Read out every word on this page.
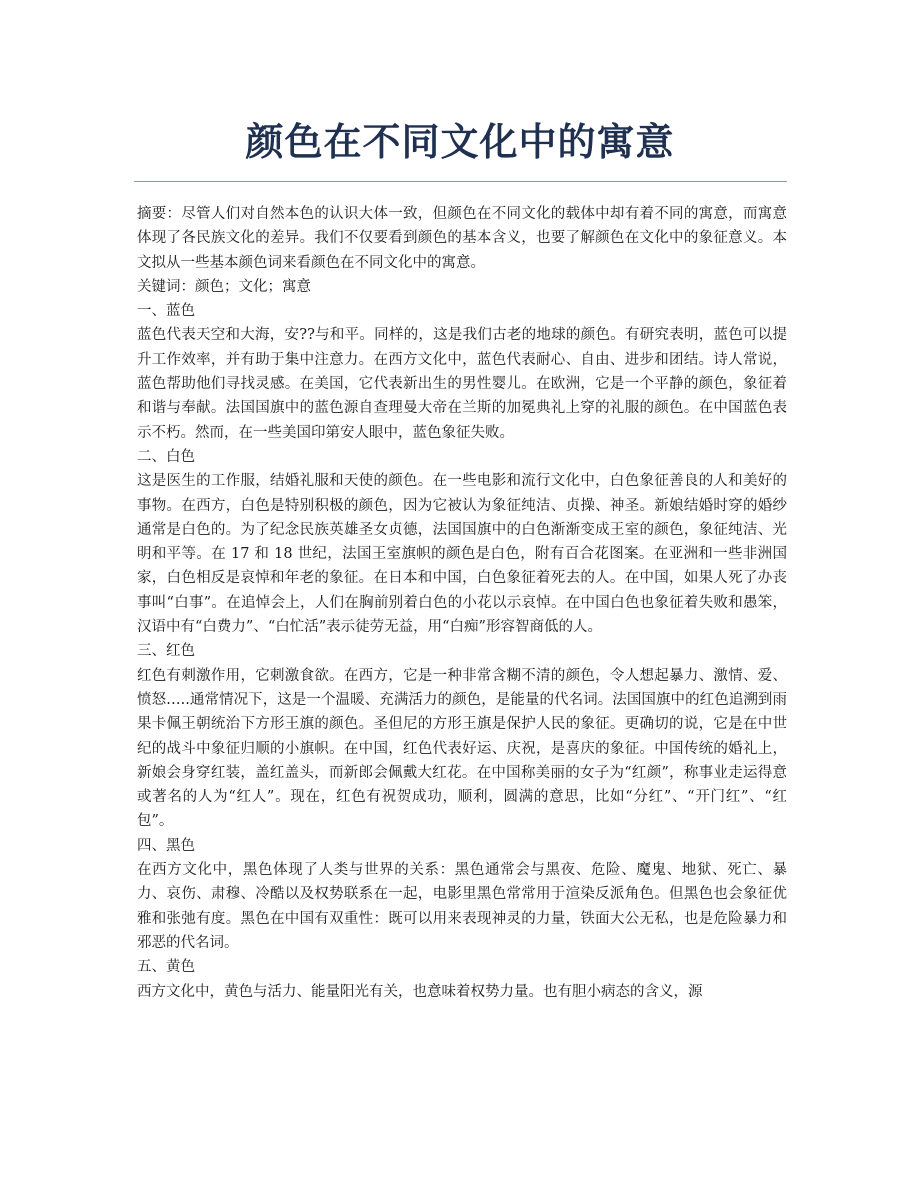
颜色在不同文化中的寓意

摘要：尽管人们对自然本色的认识大体一致，但颜色在不同文化的载体中却有着不同的寓意，而寓意体现了各民族文化的差异。我们不仅要看到颜色的基本含义，也要了解颜色在文化中的象征意义。本文拟从一些基本颜色词来看颜色在不同文化中的寓意。

关键词：颜色；文化；寓意

一、蓝色

蓝色代表天空和大海，安??与和平。同样的，这是我们古老的地球的颜色。有研究表明，蓝色可以提升工作效率，并有助于集中注意力。在西方文化中，蓝色代表耐心、自由、进步和团结。诗人常说，蓝色帮助他们寻找灵感。在美国，它代表新出生的男性婴儿。在欧洲，它是一个平静的颜色，象征着和谐与奉献。法国国旗中的蓝色源自查理曼大帝在兰斯的加冕典礼上穿的礼服的颜色。在中国蓝色表示不朽。然而，在一些美国印第安人眼中，蓝色象征失败。

二、白色

这是医生的工作服，结婚礼服和天使的颜色。在一些电影和流行文化中，白色象征善良的人和美好的事物。在西方，白色是特别积极的颜色，因为它被认为象征纯洁、贞操、神圣。新娘结婚时穿的婚纱通常是白色的。为了纪念民族英雄圣女贞德，法国国旗中的白色渐渐变成王室的颜色，象征纯洁、光明和平等。在 17 和 18 世纪，法国王室旗帜的颜色是白色，附有百合花图案。在亚洲和一些非洲国家，白色相反是哀悼和年老的象征。在日本和中国，白色象征着死去的人。在中国，如果人死了办丧事叫“白事”。在追悼会上，人们在胸前别着白色的小花以示哀悼。在中国白色也象征着失败和愚笨，汉语中有“白费力”、“白忙活”表示徒劳无益，用“白痴”形容智商低的人。

三、红色

红色有刺激作用，它刺激食欲。在西方，它是一种非常含糊不清的颜色，令人想起暴力、激情、爱、愤怒…..通常情况下，这是一个温暖、充满活力的颜色，是能量的代名词。法国国旗中的红色追溯到雨果卡佩王朝统治下方形王旗的颜色。圣但尼的方形王旗是保护人民的象征。更确切的说，它是在中世纪的战斗中象征归顺的小旗帜。在中国，红色代表好运、庆祝，是喜庆的象征。中国传统的婚礼上，新娘会身穿红装，盖红盖头，而新郎会佩戴大红花。在中国称美丽的女子为“红颜”，称事业走运得意或著名的人为“红人”。现在，红色有祝贺成功，顺利，圆满的意思，比如“分红”、“开门红”、“红包”。

四、黑色

在西方文化中，黑色体现了人类与世界的关系：黑色通常会与黑夜、危险、魔鬼、地狱、死亡、暴力、哀伤、肃穆、冷酷以及权势联系在一起，电影里黑色常常用于渲染反派角色。但黑色也会象征优雅和张弛有度。黑色在中国有双重性：既可以用来表现神灵的力量，铁面大公无私，也是危险暴力和邪恶的代名词。

五、黄色

西方文化中，黄色与活力、能量阳光有关，也意味着权势力量。也有胆小病态的含义，源
